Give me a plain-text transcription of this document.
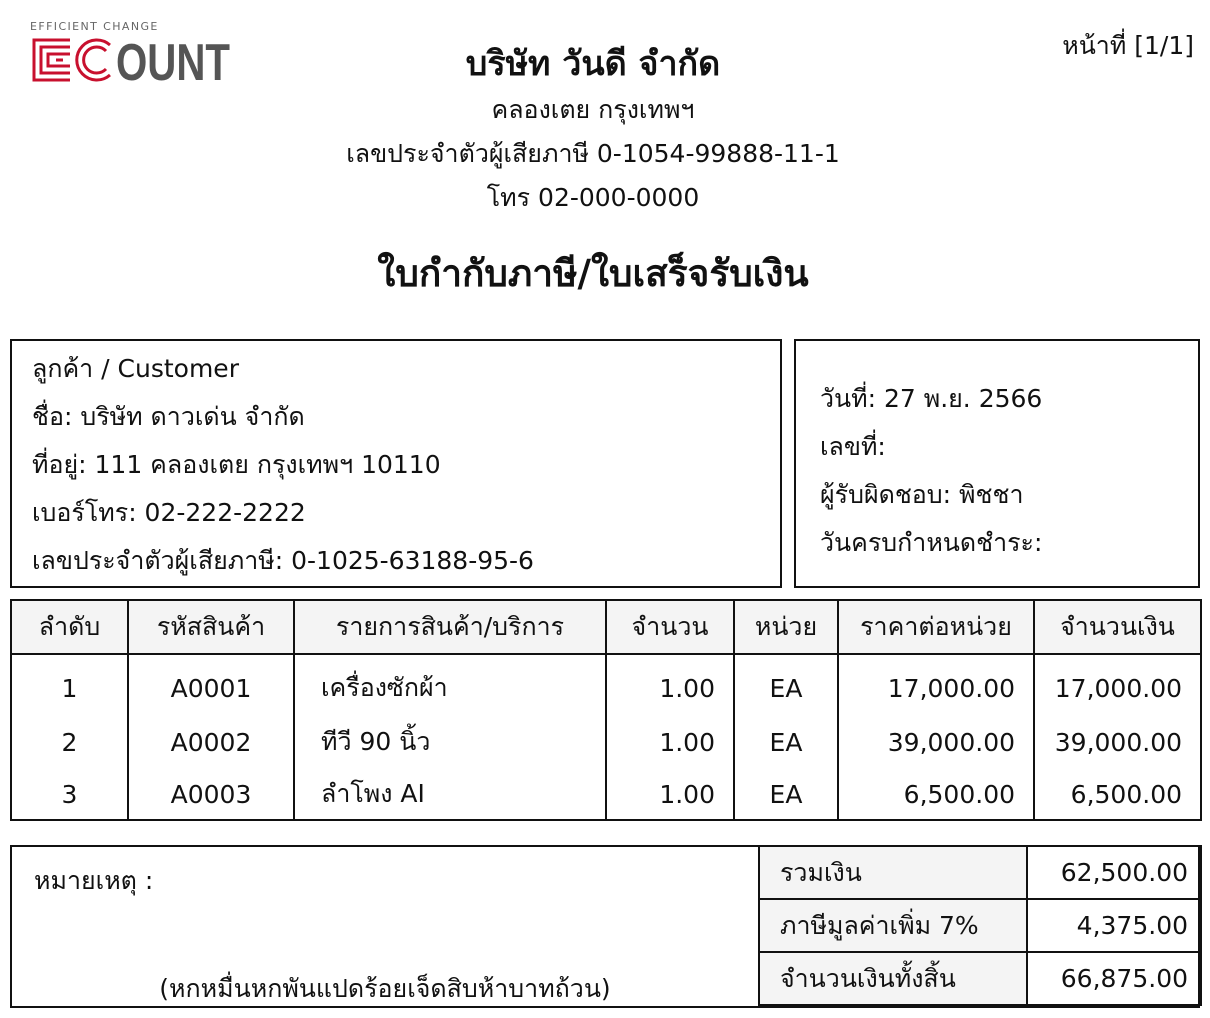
EFFICIENT CHANGE
OUNT	หน้าที่ [1/1]
บริษัท วันดี จำกัด
คลองเตย กรุงเทพฯ
เลขประจำตัวผู้เสียภาษี 0-1054-99888-11-1
โทร 02-000-0000
ใบกำกับภาษี/ใบเสร็จรับเงิน
ลูกค้า / Customer
ชื่อ: บริษัท ดาวเด่น จำกัด
ที่อยู่: 111 คลองเตย กรุงเทพฯ 10110
เบอร์โทร: 02-222-2222
เลขประจำตัวผู้เสียภาษี: 0-1025-63188-95-6
วันที่: 27 พ.ย. 2566
เลขที่:
ผู้รับผิดชอบ: พิชชา
วันครบกำหนดชำระ:
ลำดับ	รหัสสินค้า	รายการสินค้า/บริการ	จำนวน	หน่วย	ราคาต่อหน่วย	จำนวนเงิน
1	A0001	เครื่องซักผ้า	1.00	EA	17,000.00	17,000.00
2	A0002	ทีวี 90 นิ้ว	1.00	EA	39,000.00	39,000.00
3	A0003	ลำโพง AI	1.00	EA	6,500.00	6,500.00
หมายเหตุ :
(หกหมื่นหกพันแปดร้อยเจ็ดสิบห้าบาทถ้วน)
รวมเงิน	62,500.00
ภาษีมูลค่าเพิ่ม 7%	4,375.00
จำนวนเงินทั้งสิ้น	66,875.00
